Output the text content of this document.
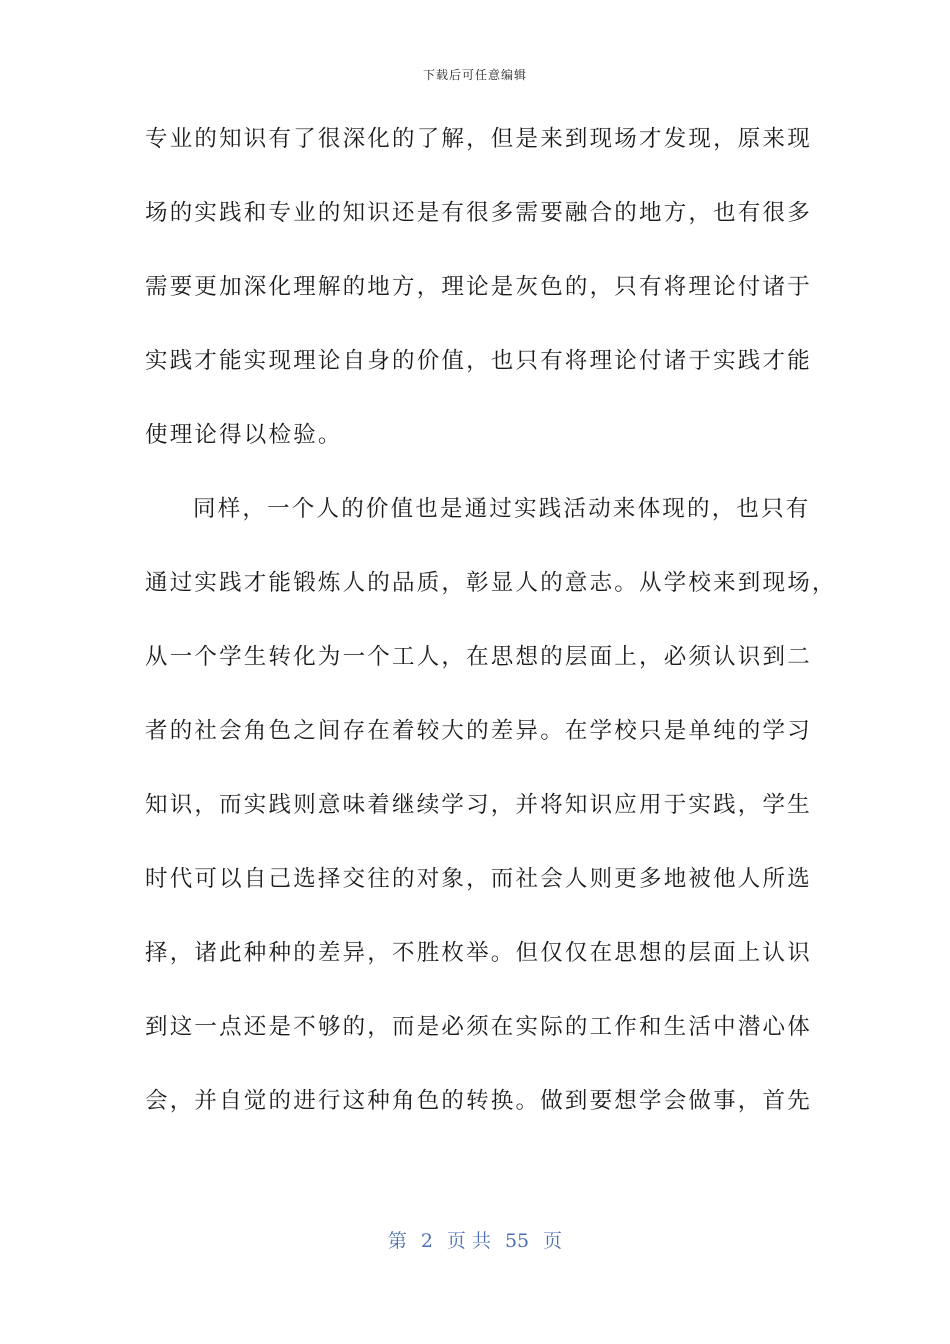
下载后可任意编辑
专业的知识有了很深化的了解，但是来到现场才发现，原来现
场的实践和专业的知识还是有很多需要融合的地方，也有很多
需要更加深化理解的地方，理论是灰色的，只有将理论付诸于
实践才能实现理论自身的价值，也只有将理论付诸于实践才能
使理论得以检验。
同样，一个人的价值也是通过实践活动来体现的，也只有
通过实践才能锻炼人的品质，彰显人的意志。从学校来到现场，
从一个学生转化为一个工人，在思想的层面上，必须认识到二
者的社会角色之间存在着较大的差异。在学校只是单纯的学习
知识，而实践则意味着继续学习，并将知识应用于实践，学生
时代可以自己选择交往的对象，而社会人则更多地被他人所选
择，诸此种种的差异，不胜枚举。但仅仅在思想的层面上认识
到这一点还是不够的，而是必须在实际的工作和生活中潜心体
会，并自觉的进行这种角色的转换。做到要想学会做事，首先
第 2 页 共 55 页
